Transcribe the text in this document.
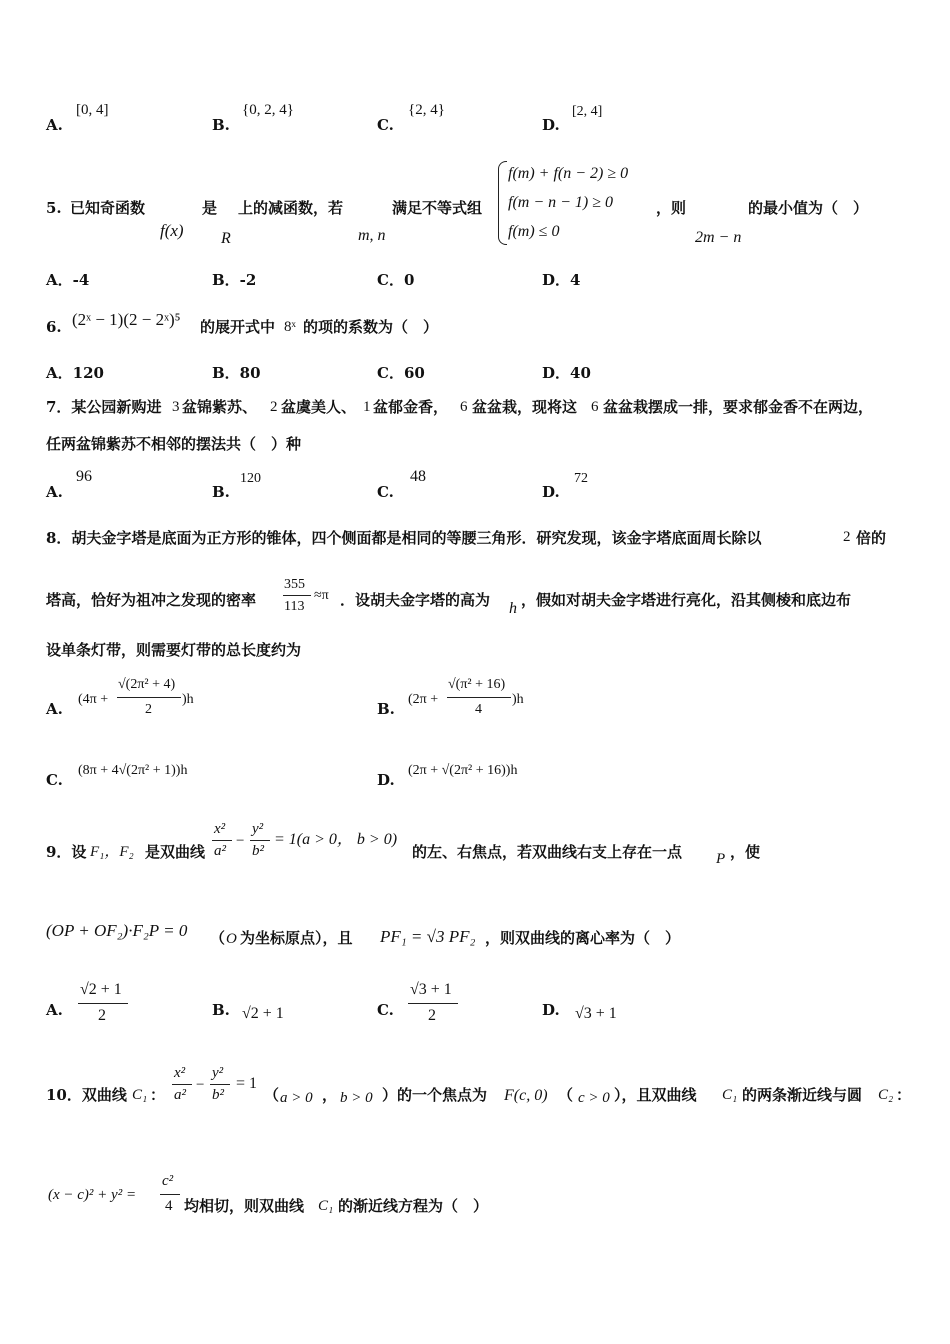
A.
[0, 4]
B.
{0, 2, 4}
C.
{2, 4}
D.
[2, 4]
5. 已知奇函数
f(x)
是
R
上的减函数，若
m, n
满足不等式组
f(m) + f(n − 2) ≥ 0
f(m − n − 1) ≥ 0
f(m) ≤ 0
，则
2m − n
的最小值为（　）
A．-4	B．-2	C．0	D．4
6. (2ˣ − 1)(2 − 2ˣ)⁵ 的展开式中 8ˣ 的项的系数为（　）
A．120	B．80	C．60	D．40
7．某公园新购进 3 盆锦紫苏、 2 盆虞美人、 1 盆郁金香， 6 盆盆栽，现将这 6 盆盆栽摆成一排，要求郁金香不在两边，
任两盆锦紫苏不相邻的摆法共（　）种
A.
96
B.
120
C.
48
D.
72
8．胡夫金字塔是底面为正方形的锥体，四个侧面都是相同的等腰三角形．研究发现，该金字塔底面周长除以	2 倍的
塔高，恰好为祖冲之发现的密率
355
113
≈π ．设胡夫金字塔的高为 h ，假如对胡夫金字塔进行亮化，沿其侧棱和底边布
设单条灯带，则需要灯带的总长度约为
A.
(4π +
√(2π² + 4)
2
)h
B.
(2π +
√(π² + 16)
4
)h
C.
(8π + 4√(2π² + 1))h
D.
(2π + √(2π² + 16))h
9．设 F₁，F₂ 是双曲线
x²
a²
−
y²
b²
= 1(a > 0， b > 0)
的左、右焦点，若双曲线右支上存在一点 P ，使
(OP + OF₂)·F₂P = 0 （ O 为坐标原点），且 PF₁ = √3 PF₂ ，则双曲线的离心率为（　）
A.
√2 + 1
2	B. √2 + 1	C.
√3 + 1
2	D. √3 + 1
10．双曲线 C₁ ：
x²
a²
−
y²
b²
= 1
（ a > 0 ， b > 0 ）的一个焦点为 F(c, 0) （ c > 0 ），且双曲线 C₁ 的两条渐近线与圆 C₂ ：
(x − c)² + y² =
c²
4 均相切，则双曲线 C₁ 的渐近线方程为（　）
